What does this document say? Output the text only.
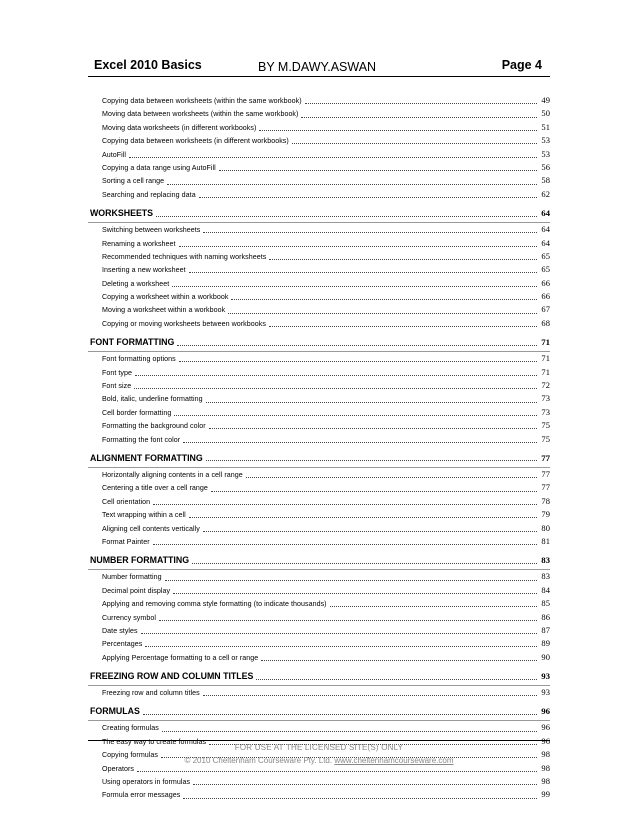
Excel 2010 Basics	BY M.DAWY.ASWAN	Page 4
Copying data between worksheets (within the same workbook)	49
Moving data between worksheets (within the same workbook)	50
Moving data worksheets (in different workbooks)	51
Copying data between worksheets (in different workbooks)	53
AutoFill	53
Copying a data range using AutoFill	56
Sorting a cell range	58
Searching and replacing data	62
WORKSHEETS	64
Switching between worksheets	64
Renaming a worksheet	64
Recommended techniques with naming worksheets	65
Inserting a new worksheet	65
Deleting a worksheet	66
Copying a worksheet within a workbook	66
Moving a worksheet within a workbook	67
Copying or moving worksheets between workbooks	68
FONT FORMATTING	71
Font formatting options	71
Font type	71
Font size	72
Bold, italic, underline formatting	73
Cell border formatting	73
Formatting the background color	75
Formatting the font color	75
ALIGNMENT FORMATTING	77
Horizontally aligning contents in a cell range	77
Centering a title over a cell range	77
Cell orientation	78
Text wrapping within a cell	79
Aligning cell contents vertically	80
Format Painter	81
NUMBER FORMATTING	83
Number formatting	83
Decimal point display	84
Applying and removing comma style formatting (to indicate thousands)	85
Currency symbol	86
Date styles	87
Percentages	89
Applying Percentage formatting to a cell or range	90
FREEZING ROW AND COLUMN TITLES	93
Freezing row and column titles	93
FORMULAS	96
Creating formulas	96
The easy way to create formulas	96
Copying formulas	98
Operators	98
Using operators in formulas	98
Formula error messages	99
FOR USE AT THE LICENSED SITE(S) ONLY
© 2010 Cheltenham Courseware Pty. Ltd. www.cheltenhamcourseware.com
